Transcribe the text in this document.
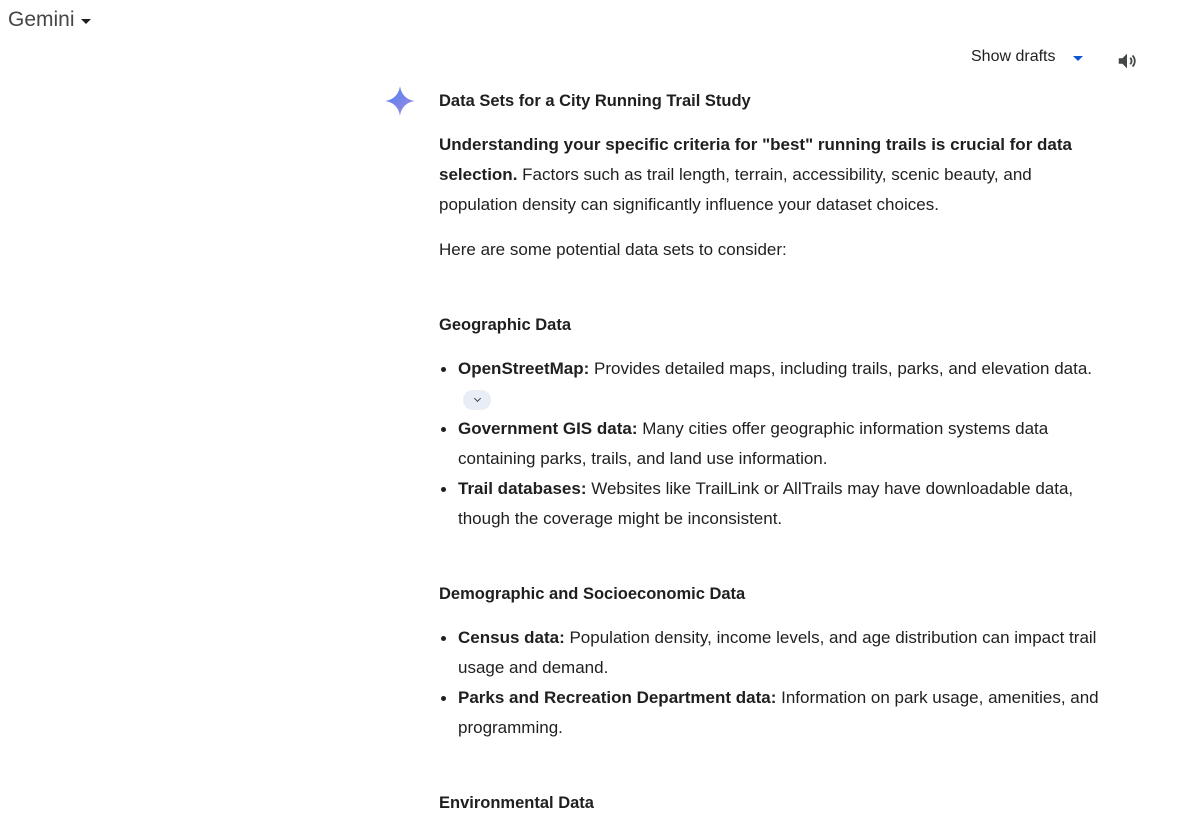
Gemini
Show drafts

Data Sets for a City Running Trail Study

Understanding your specific criteria for "best" running trails is crucial for data selection. Factors such as trail length, terrain, accessibility, scenic beauty, and population density can significantly influence your dataset choices.

Here are some potential data sets to consider:

Geographic Data

OpenStreetMap: Provides detailed maps, including trails, parks, and elevation data.
Government GIS data: Many cities offer geographic information systems data containing parks, trails, and land use information.
Trail databases: Websites like TrailLink or AllTrails may have downloadable data, though the coverage might be inconsistent.

Demographic and Socioeconomic Data

Census data: Population density, income levels, and age distribution can impact trail usage and demand.
Parks and Recreation Department data: Information on park usage, amenities, and programming.

Environmental Data
